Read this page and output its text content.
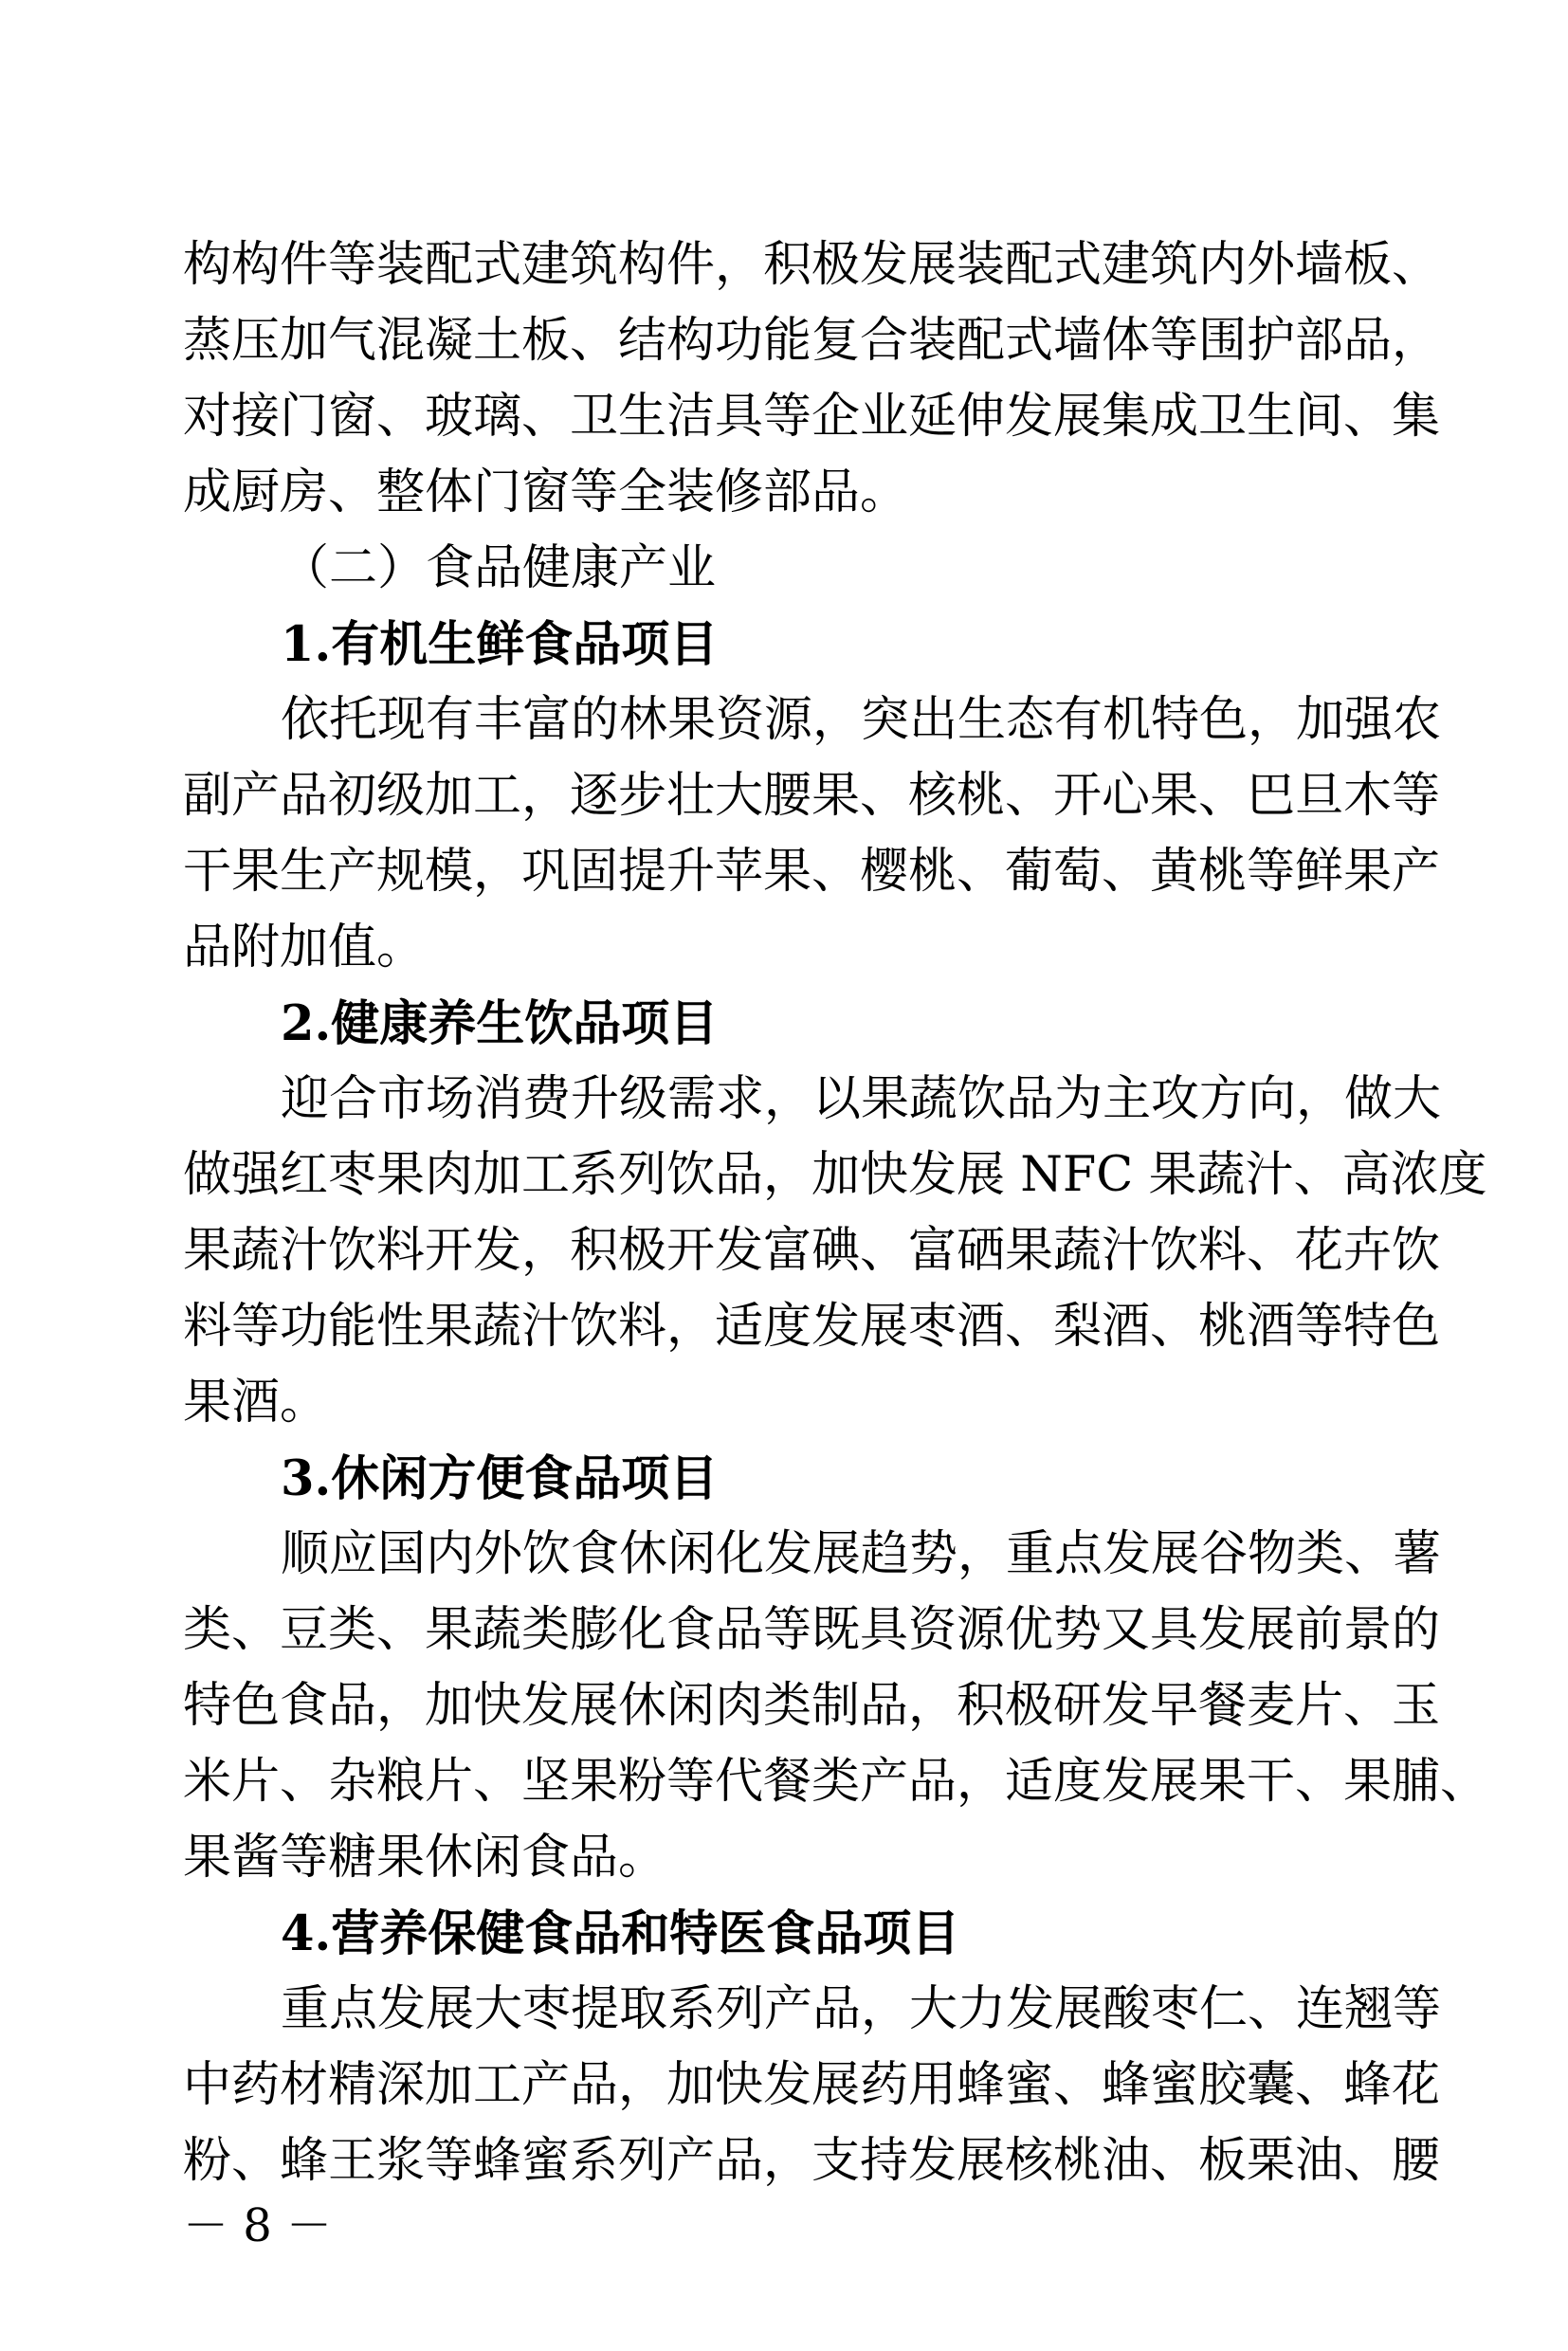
构构件等装配式建筑构件，积极发展装配式建筑内外墙板、
蒸压加气混凝土板、结构功能复合装配式墙体等围护部品，
对接门窗、玻璃、卫生洁具等企业延伸发展集成卫生间、集
成厨房、整体门窗等全装修部品。
（二）食品健康产业
1.有机生鲜食品项目
依托现有丰富的林果资源，突出生态有机特色，加强农
副产品初级加工，逐步壮大腰果、核桃、开心果、巴旦木等
干果生产规模，巩固提升苹果、樱桃、葡萄、黄桃等鲜果产
品附加值。
2.健康养生饮品项目
迎合市场消费升级需求，以果蔬饮品为主攻方向，做大
做强红枣果肉加工系列饮品，加快发展 NFC 果蔬汁、高浓度
果蔬汁饮料开发，积极开发富碘、富硒果蔬汁饮料、花卉饮
料等功能性果蔬汁饮料，适度发展枣酒、梨酒、桃酒等特色
果酒。
3.休闲方便食品项目
顺应国内外饮食休闲化发展趋势，重点发展谷物类、薯
类、豆类、果蔬类膨化食品等既具资源优势又具发展前景的
特色食品，加快发展休闲肉类制品，积极研发早餐麦片、玉
米片、杂粮片、坚果粉等代餐类产品，适度发展果干、果脯、
果酱等糖果休闲食品。
4.营养保健食品和特医食品项目
重点发展大枣提取系列产品，大力发展酸枣仁、连翘等
中药材精深加工产品，加快发展药用蜂蜜、蜂蜜胶囊、蜂花
粉、蜂王浆等蜂蜜系列产品，支持发展核桃油、板栗油、腰
－ 8 －
